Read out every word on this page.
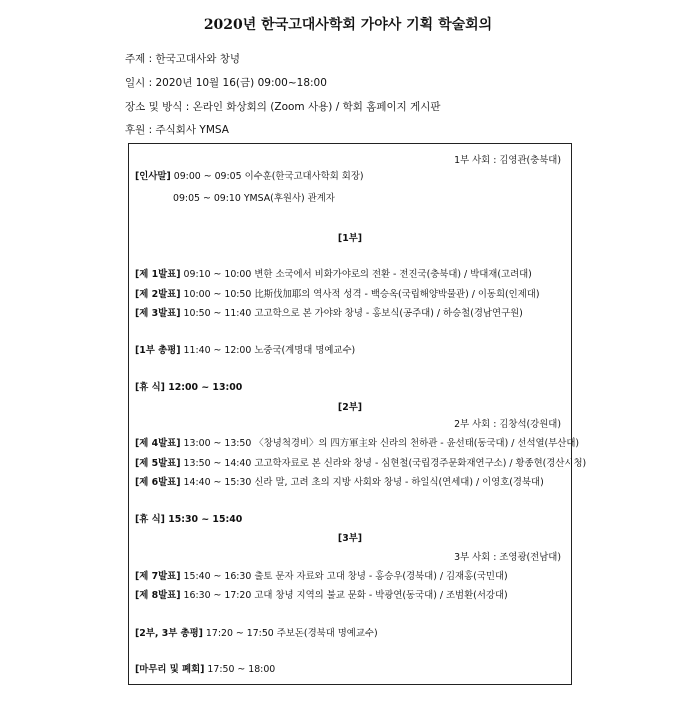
2020년 한국고대사학회 가야사 기획 학술회의
주제 : 한국고대사와 창녕
일시 : 2020년 10월 16(금) 09:00~18:00
장소 및 방식 : 온라인 화상회의 (Zoom 사용) / 학회 홈페이지 게시판
후원 : 주식회사 YMSA
1부 사회 : 김영관(충북대)
[인사말] 09:00 ~ 09:05 이수훈(한국고대사학회 회장)
09:05 ~ 09:10 YMSA(후원사) 관계자
[1부]
[제 1발표] 09:10 ~ 10:00 변한 소국에서 비화가야로의 전환 - 전진국(충북대) / 박대재(고려대)
[제 2발표] 10:00 ~ 10:50 比斯伐加耶의 역사적 성격 - 백승옥(국립해양박물관) / 이동희(인제대)
[제 3발표] 10:50 ~ 11:40 고고학으로 본 가야와 창녕 - 홍보식(공주대) / 하승철(경남연구원)
[1부 총평] 11:40 ~ 12:00 노중국(계명대 명예교수)
[휴 식] 12:00 ~ 13:00
[2부]
2부 사회 : 김창석(강원대)
[제 4발표] 13:00 ~ 13:50 〈창녕척경비〉의 四方軍主와 신라의 천하관 - 윤선태(동국대) / 선석열(부산대)
[제 5발표] 13:50 ~ 14:40 고고학자료로 본 신라와 창녕 - 심현철(국립경주문화재연구소) / 황종현(경산시청)
[제 6발표] 14:40 ~ 15:30 신라 말, 고려 초의 지방 사회와 창녕 - 하일식(연세대) / 이영호(경북대)
[휴 식] 15:30 ~ 15:40
[3부]
3부 사회 : 조영광(전남대)
[제 7발표] 15:40 ~ 16:30 출토 문자 자료와 고대 창녕 - 홍승우(경북대) / 김재홍(국민대)
[제 8발표] 16:30 ~ 17:20 고대 창녕 지역의 불교 문화 - 박광연(동국대) / 조범환(서강대)
[2부, 3부 총평] 17:20 ~ 17:50 주보돈(경북대 명예교수)
[마무리 및 폐회] 17:50 ~ 18:00
